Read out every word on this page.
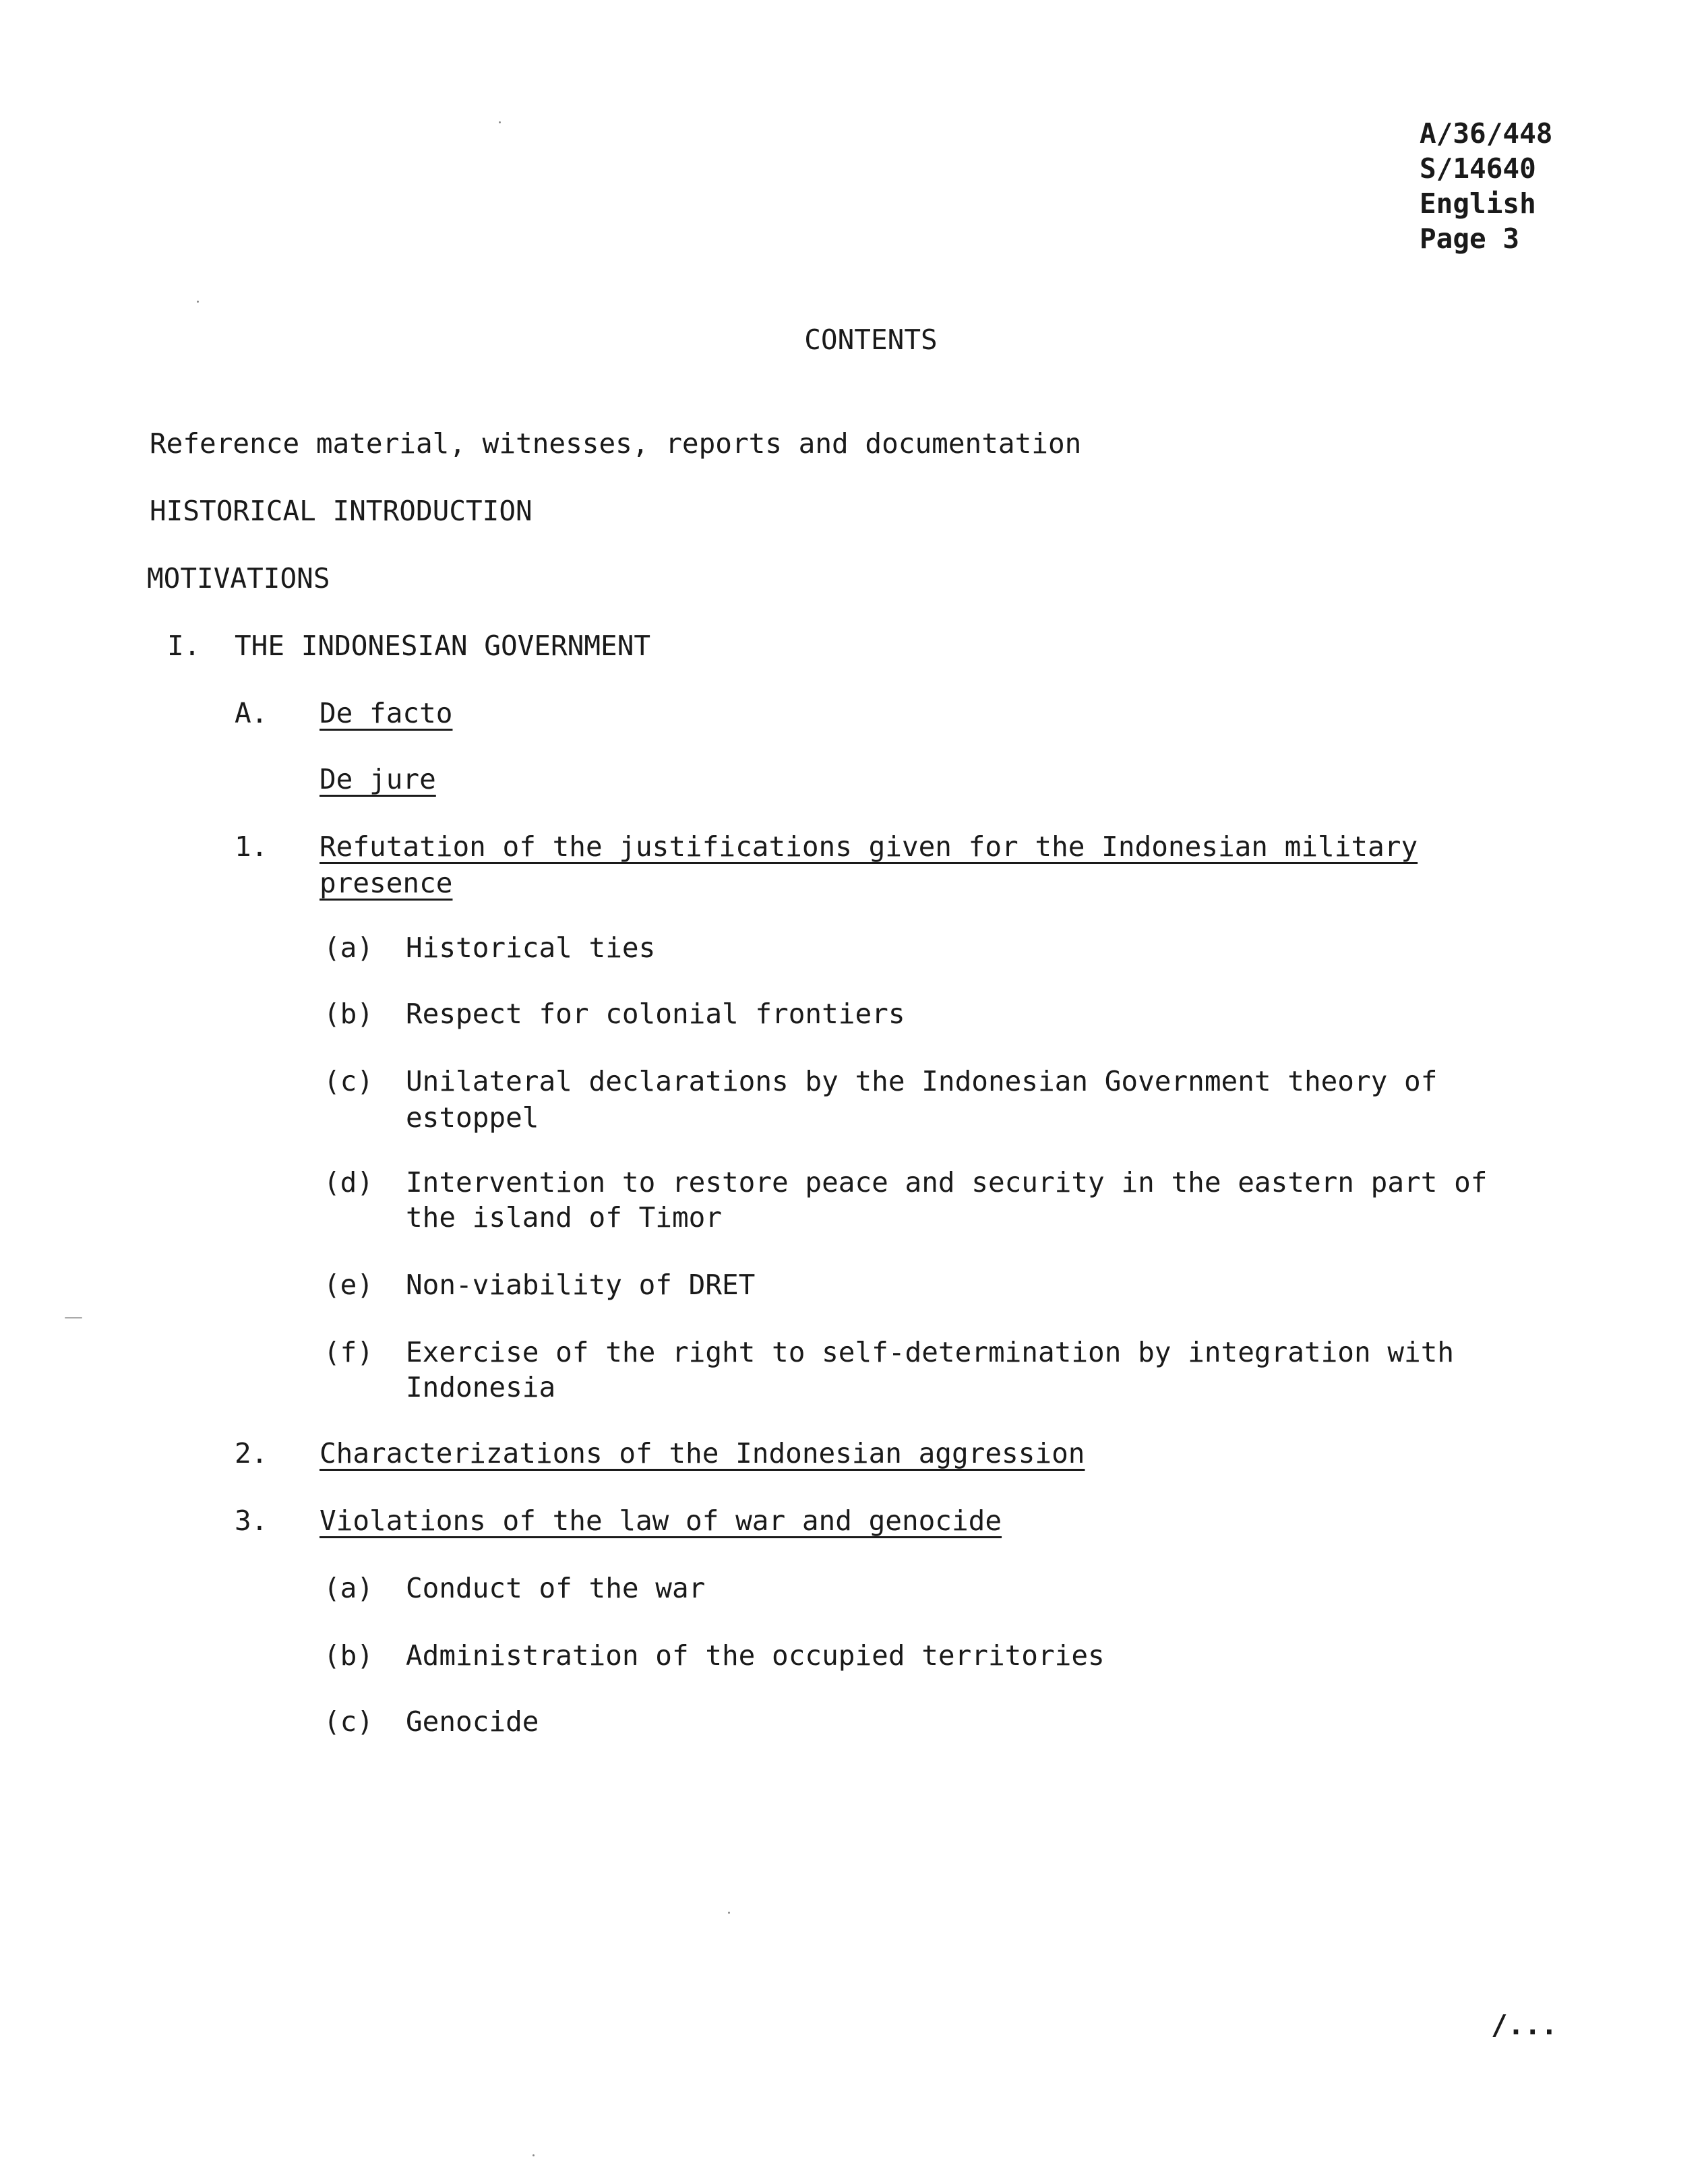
A/36/448
S/14640
English
Page 3
CONTENTS
Reference material, witnesses, reports and documentation
HISTORICAL INTRODUCTION
MOTIVATIONS
I. THE INDONESIAN GOVERNMENT
A. De facto
De jure
1. Refutation of the justifications given for the Indonesian military
presence
(a) Historical ties
(b) Respect for colonial frontiers
(c) Unilateral declarations by the Indonesian Government theory of
estoppel
(d) Intervention to restore peace and security in the eastern part of
the island of Timor
(e) Non-viability of DRET
(f) Exercise of the right to self-determination by integration with
Indonesia
2. Characterizations of the Indonesian aggression
3. Violations of the law of war and genocide
(a) Conduct of the war
(b) Administration of the occupied territories
(c) Genocide
/...
